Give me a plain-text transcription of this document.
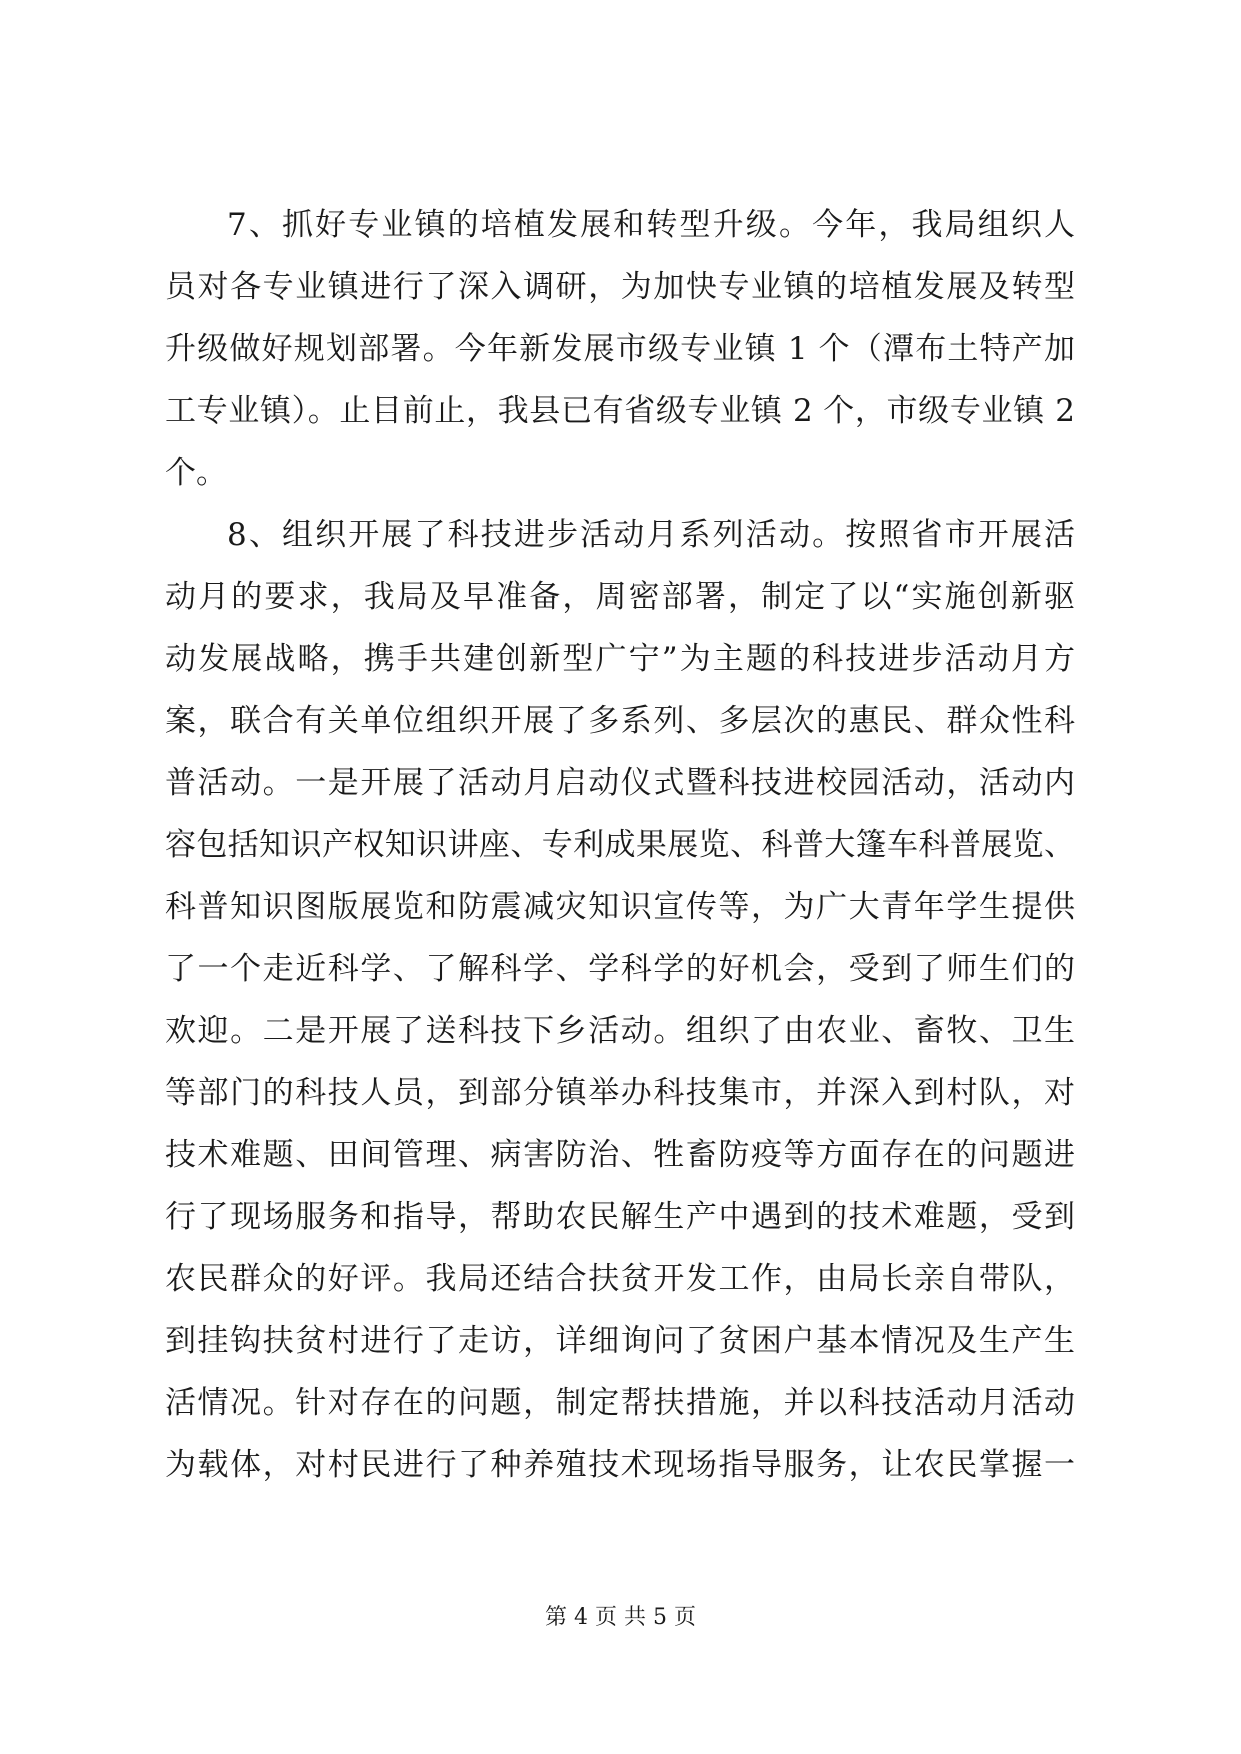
7、抓好专业镇的培植发展和转型升级。今年，我局组织人
员对各专业镇进行了深入调研，为加快专业镇的培植发展及转型
升级做好规划部署。今年新发展市级专业镇 1 个（潭布土特产加
工专业镇）。止目前止，我县已有省级专业镇 2 个，市级专业镇 2
个。
8、组织开展了科技进步活动月系列活动。按照省市开展活
动月的要求，我局及早准备，周密部署，制定了以“实施创新驱
动发展战略，携手共建创新型广宁”为主题的科技进步活动月方
案，联合有关单位组织开展了多系列、多层次的惠民、群众性科
普活动。一是开展了活动月启动仪式暨科技进校园活动，活动内
容包括知识产权知识讲座、专利成果展览、科普大篷车科普展览、
科普知识图版展览和防震减灾知识宣传等，为广大青年学生提供
了一个走近科学、了解科学、学科学的好机会，受到了师生们的
欢迎。二是开展了送科技下乡活动。组织了由农业、畜牧、卫生
等部门的科技人员，到部分镇举办科技集市，并深入到村队，对
技术难题、田间管理、病害防治、牲畜防疫等方面存在的问题进
行了现场服务和指导，帮助农民解生产中遇到的技术难题，受到
农民群众的好评。我局还结合扶贫开发工作，由局长亲自带队，
到挂钩扶贫村进行了走访，详细询问了贫困户基本情况及生产生
活情况。针对存在的问题，制定帮扶措施，并以科技活动月活动
为载体，对村民进行了种养殖技术现场指导服务，让农民掌握一
第 4 页 共 5 页
